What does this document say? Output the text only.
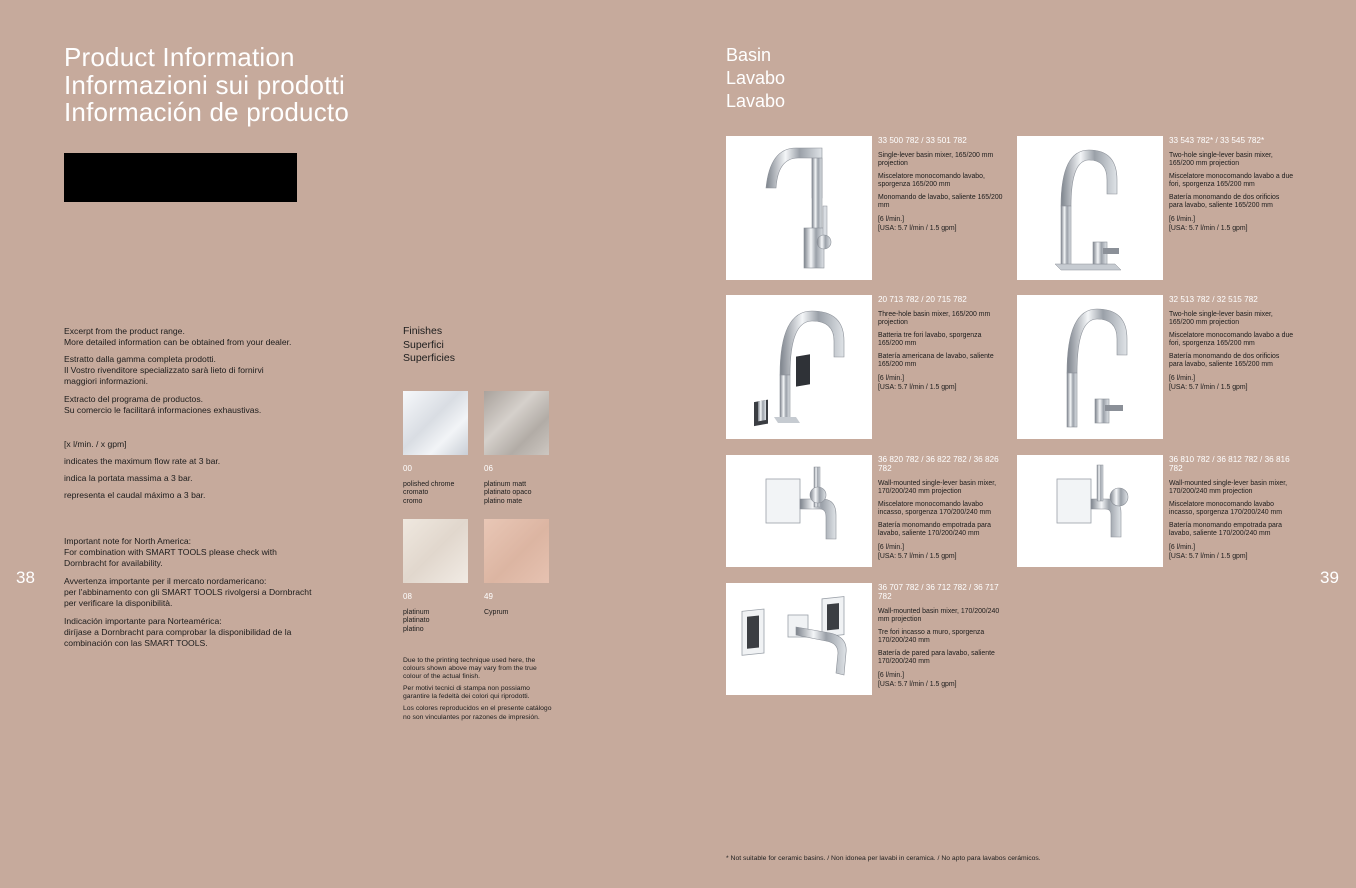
Product Information
Informazioni sui prodotti
Información de producto
Excerpt from the product range.
More detailed information can be obtained from your dealer.
Estratto dalla gamma completa prodotti.
Il Vostro rivenditore specializzato sarà lieto di fornirvi
maggiori informazioni.
Extracto del programa de productos.
Su comercio le facilitará informaciones exhaustivas.
[x l/min. / x gpm]
indicates the maximum flow rate at 3 bar.
indica la portata massima a 3 bar.
representa el caudal máximo a 3 bar.
Important note for North America:
For combination with SMART TOOLS please check with
Dornbracht for availability.
Avvertenza importante per il mercato nordamericano:
per l'abbinamento con gli SMART TOOLS rivolgersi a Dornbracht
per verificare la disponibilità.
Indicación importante para Norteamérica:
diríjase a Dornbracht para comprobar la disponibilidad de la
combinación con las SMART TOOLS.
38
Finishes
Superfici
Superficies
00
polished chrome
cromato
cromo
06
platinum matt
platinato opaco
platino mate
08
platinum
platinato
platino
49
Cyprum
Due to the printing technique used here, the colours shown above may vary from the true colour of the actual finish.
Per motivi tecnici di stampa non possiamo garantire la fedeltà dei colori qui riprodotti.
Los colores reproducidos en el presente catálogo no son vinculantes por razones de impresión.
Basin
Lavabo
Lavabo
33 500 782 / 33 501 782
Single-lever basin mixer, 165/200 mm projection
Miscelatore monocomando lavabo, sporgenza 165/200 mm
Monomando de lavabo, saliente 165/200 mm
[6 l/min.]
[USA: 5.7 l/min / 1.5 gpm]
33 543 782* / 33 545 782*
Two-hole single-lever basin mixer, 165/200 mm projection
Miscelatore monocomando lavabo a due fori, sporgenza 165/200 mm
Batería monomando de dos orificios para lavabo, saliente 165/200 mm
[6 l/min.]
[USA: 5.7 l/min / 1.5 gpm]
20 713 782 / 20 715 782
Three-hole basin mixer, 165/200 mm projection
Batteria tre fori lavabo, sporgenza 165/200 mm
Batería americana de lavabo, saliente 165/200 mm
[6 l/min.]
[USA: 5.7 l/min / 1.5 gpm]
32 513 782 / 32 515 782
Two-hole single-lever basin mixer, 165/200 mm projection
Miscelatore monocomando lavabo a due fori, sporgenza 165/200 mm
Batería monomando de dos orificios para lavabo, saliente 165/200 mm
[6 l/min.]
[USA: 5.7 l/min / 1.5 gpm]
36 820 782 / 36 822 782 / 36 826 782
Wall-mounted single-lever basin mixer, 170/200/240 mm projection
Miscelatore monocomando lavabo incasso, sporgenza 170/200/240 mm
Batería monomando empotrada para lavabo, saliente 170/200/240 mm
[6 l/min.]
[USA: 5.7 l/min / 1.5 gpm]
36 810 782 / 36 812 782 / 36 816 782
Wall-mounted single-lever basin mixer, 170/200/240 mm projection
Miscelatore monocomando lavabo incasso, sporgenza 170/200/240 mm
Batería monomando empotrada para lavabo, saliente 170/200/240 mm
[6 l/min.]
[USA: 5.7 l/min / 1.5 gpm]
36 707 782 / 36 712 782 / 36 717 782
Wall-mounted basin mixer, 170/200/240 mm projection
Tre fori incasso a muro, sporgenza 170/200/240 mm
Batería de pared para lavabo, saliente 170/200/240 mm
[6 l/min.]
[USA: 5.7 l/min / 1.5 gpm]
39
* Not suitable for ceramic basins. / Non idonea per lavabi in ceramica. / No apto para lavabos cerámicos.
